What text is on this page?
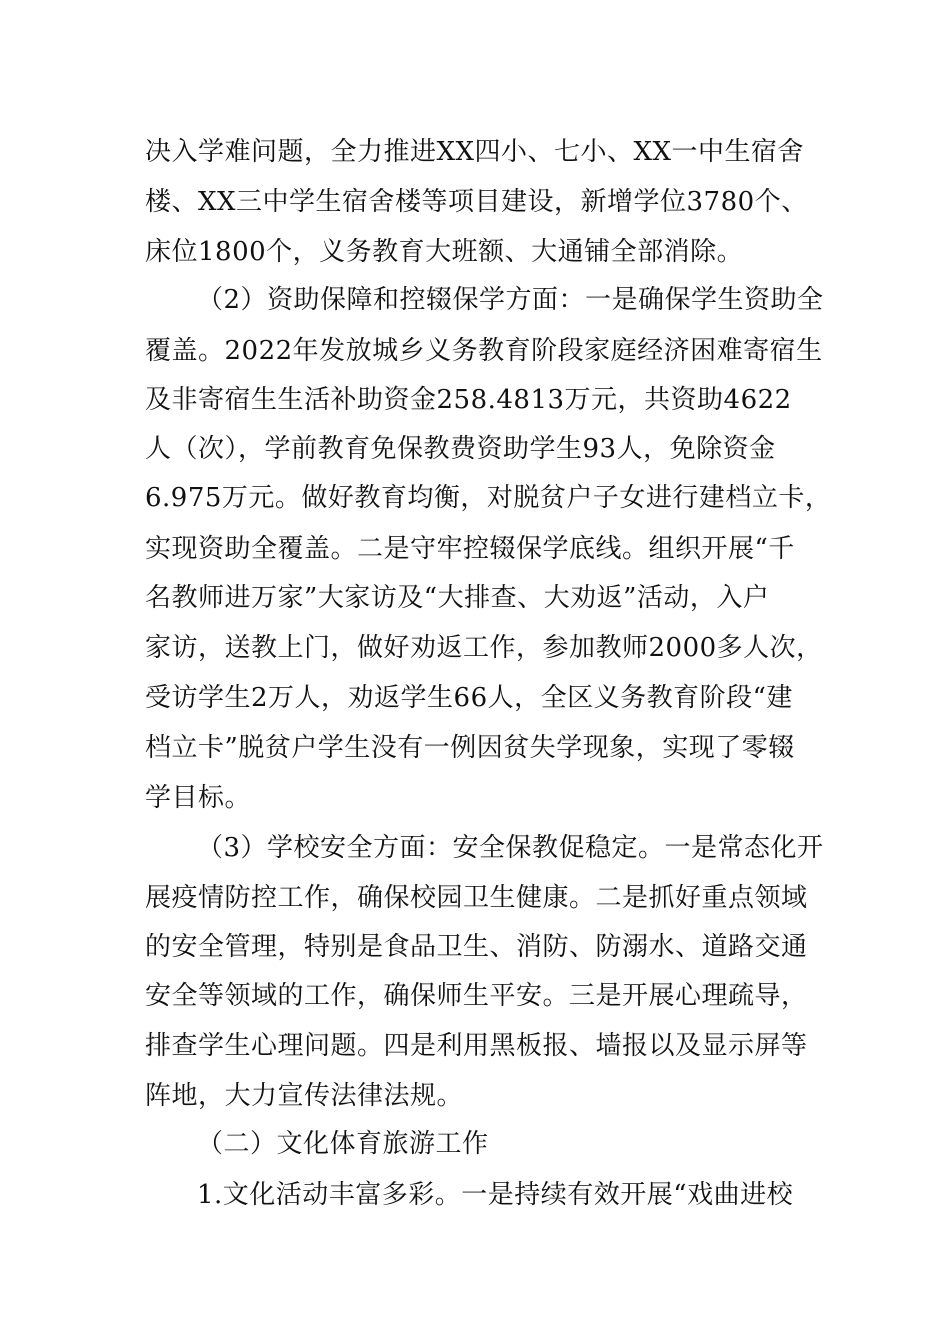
决入学难问题，全力推进XX四小、七小、XX一中生宿舍
楼、XX三中学生宿舍楼等项目建设，新增学位3780个、
床位1800个，义务教育大班额、大通铺全部消除。
（2）资助保障和控辍保学方面：一是确保学生资助全
覆盖。2022年发放城乡义务教育阶段家庭经济困难寄宿生
及非寄宿生生活补助资金258.4813万元，共资助4622
人（次），学前教育免保教费资助学生93人，免除资金
6.975万元。做好教育均衡，对脱贫户子女进行建档立卡，
实现资助全覆盖。二是守牢控辍保学底线。组织开展“千
名教师进万家”大家访及“大排查、大劝返”活动，入户
家访，送教上门，做好劝返工作，参加教师2000多人次，
受访学生2万人，劝返学生66人，全区义务教育阶段“建
档立卡”脱贫户学生没有一例因贫失学现象，实现了零辍
学目标。
（3）学校安全方面：安全保教促稳定。一是常态化开
展疫情防控工作，确保校园卫生健康。二是抓好重点领域
的安全管理，特别是食品卫生、消防、防溺水、道路交通
安全等领域的工作，确保师生平安。三是开展心理疏导，
排查学生心理问题。四是利用黑板报、墙报以及显示屏等
阵地，大力宣传法律法规。
（二）文化体育旅游工作
1.文化活动丰富多彩。一是持续有效开展“戏曲进校
